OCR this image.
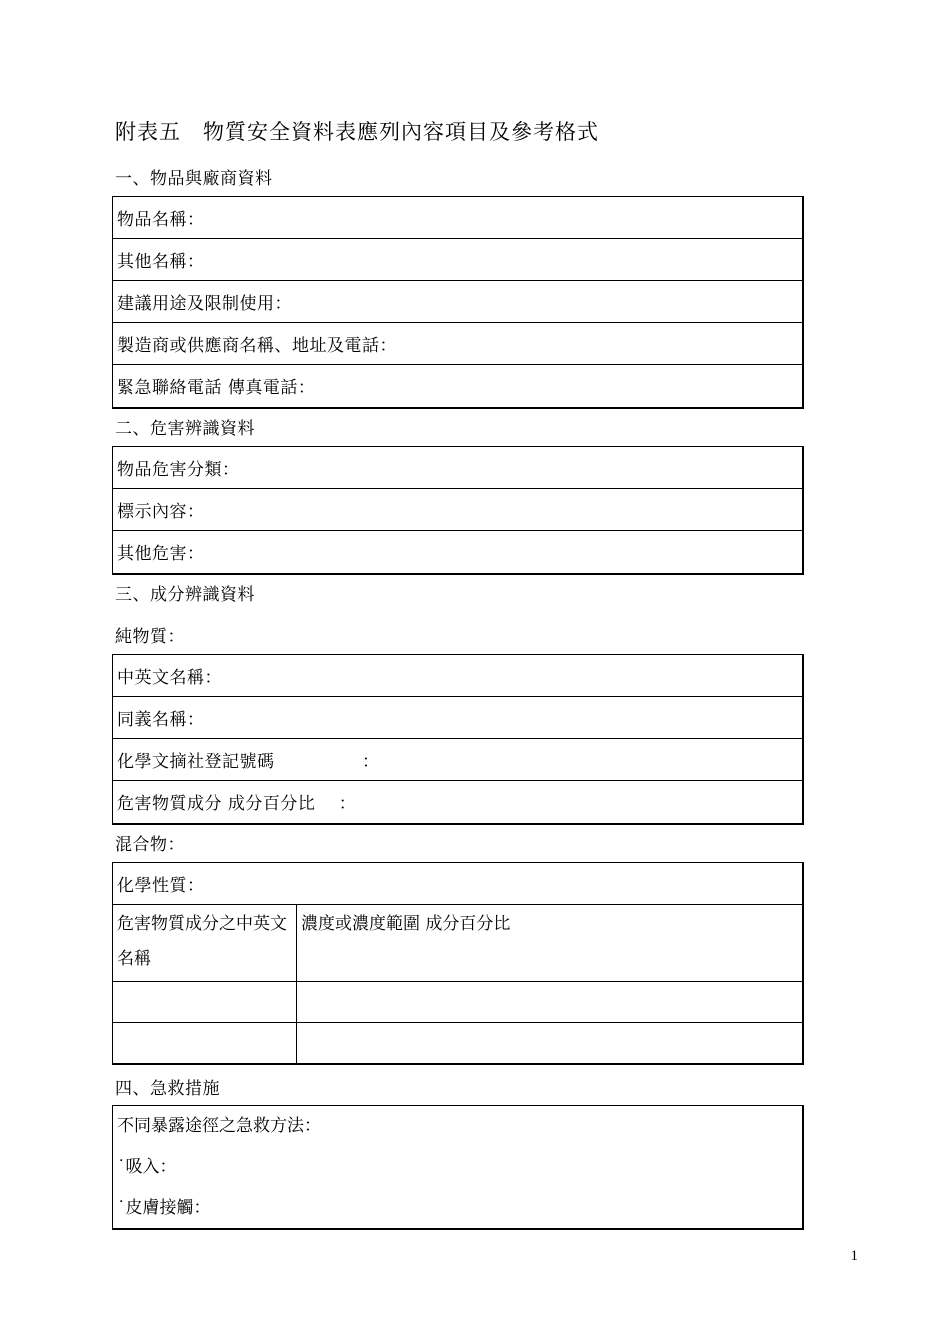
附表五　物質安全資料表應列內容項目及參考格式
一、物品與廠商資料
物品名稱：
其他名稱：
建議用途及限制使用：
製造商或供應商名稱、地址及電話：
緊急聯絡電話 傳真電話：
二、危害辨識資料
物品危害分類：
標示內容：
其他危害：
三、成分辨識資料
純物質：
中英文名稱：
同義名稱：
化學文摘社登記號碼　　　　　：
危害物質成分 成分百分比 　：
混合物：
化學性質：
危害物質成分之中英文名稱
濃度或濃度範圍 成分百分比
四、急救措施
不同暴露途徑之急救方法：
˙吸入：
˙皮膚接觸：
1
